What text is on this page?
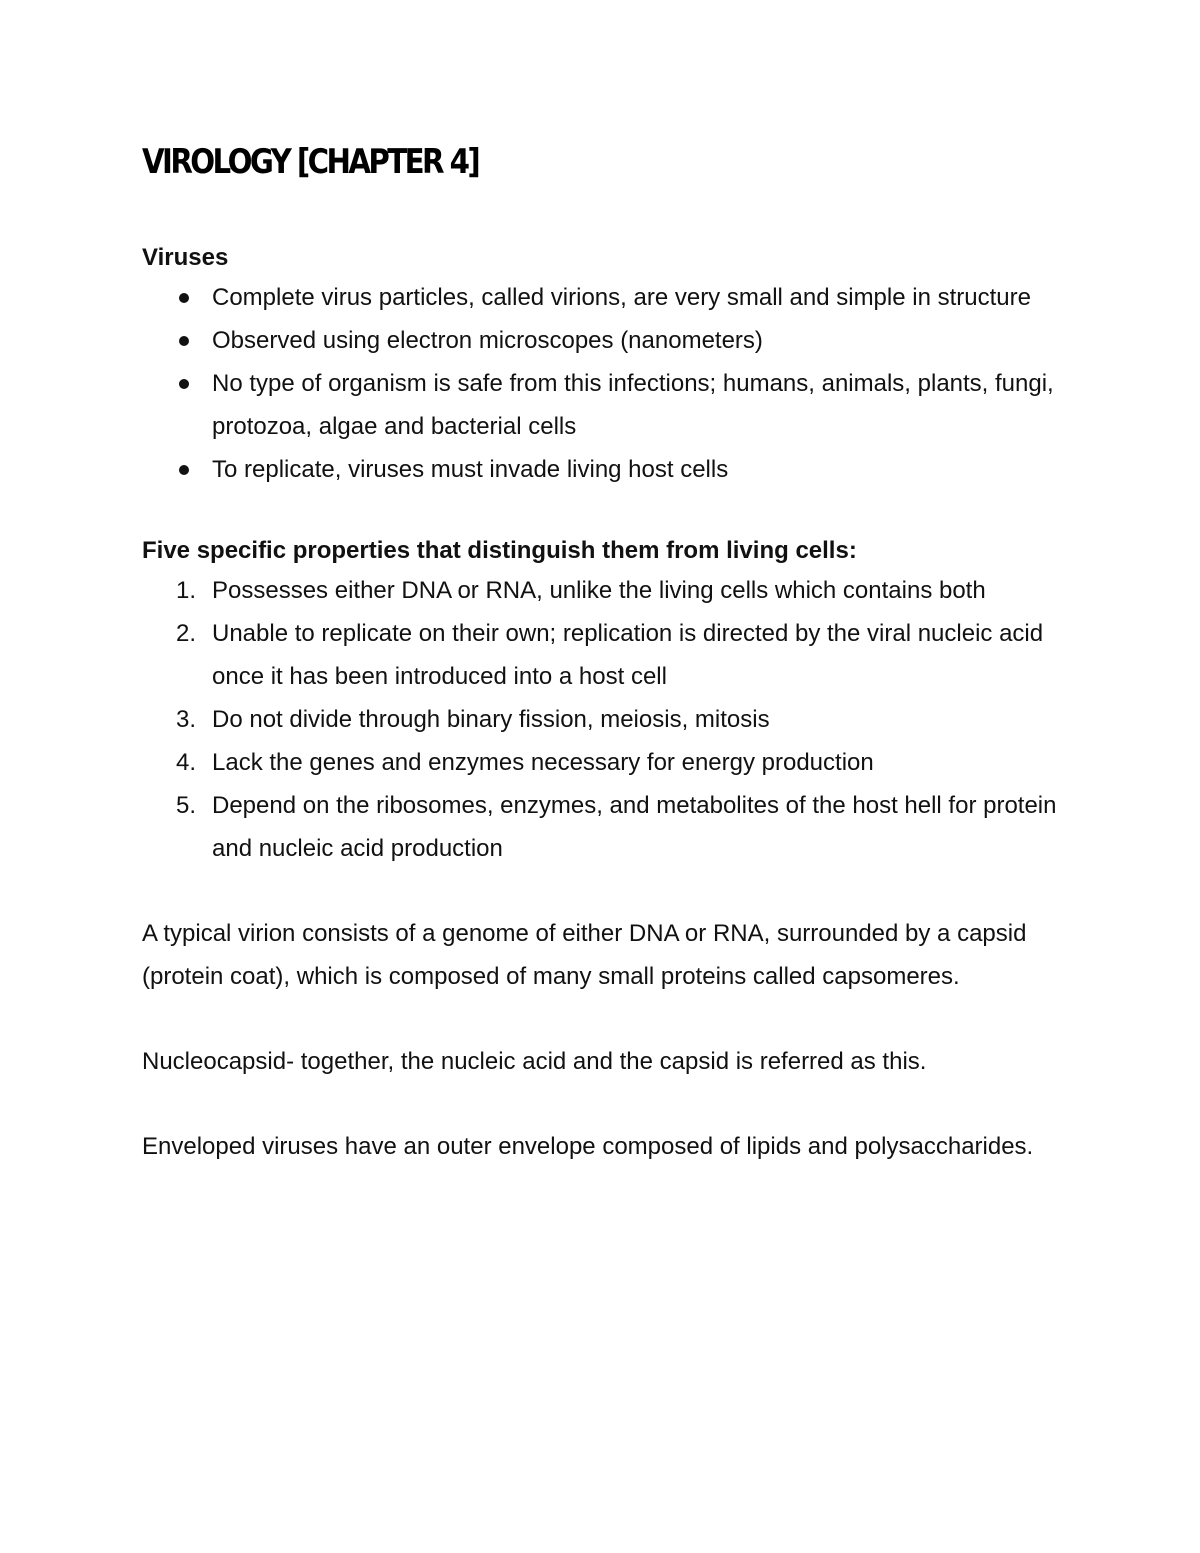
VIROLOGY [CHAPTER 4]

Viruses

Complete virus particles, called virions, are very small and simple in structure
Observed using electron microscopes (nanometers)
No type of organism is safe from this infections; humans, animals, plants, fungi, protozoa, algae and bacterial cells
To replicate, viruses must invade living host cells

Five specific properties that distinguish them from living cells:

1. Possesses either DNA or RNA, unlike the living cells which contains both
2. Unable to replicate on their own; replication is directed by the viral nucleic acid once it has been introduced into a host cell
3. Do not divide through binary fission, meiosis, mitosis
4. Lack the genes and enzymes necessary for energy production
5. Depend on the ribosomes, enzymes, and metabolites of the host hell for protein and nucleic acid production

A typical virion consists of a genome of either DNA or RNA, surrounded by a capsid (protein coat), which is composed of many small proteins called capsomeres.

Nucleocapsid- together, the nucleic acid and the capsid is referred as this.

Enveloped viruses have an outer envelope composed of lipids and polysaccharides.
